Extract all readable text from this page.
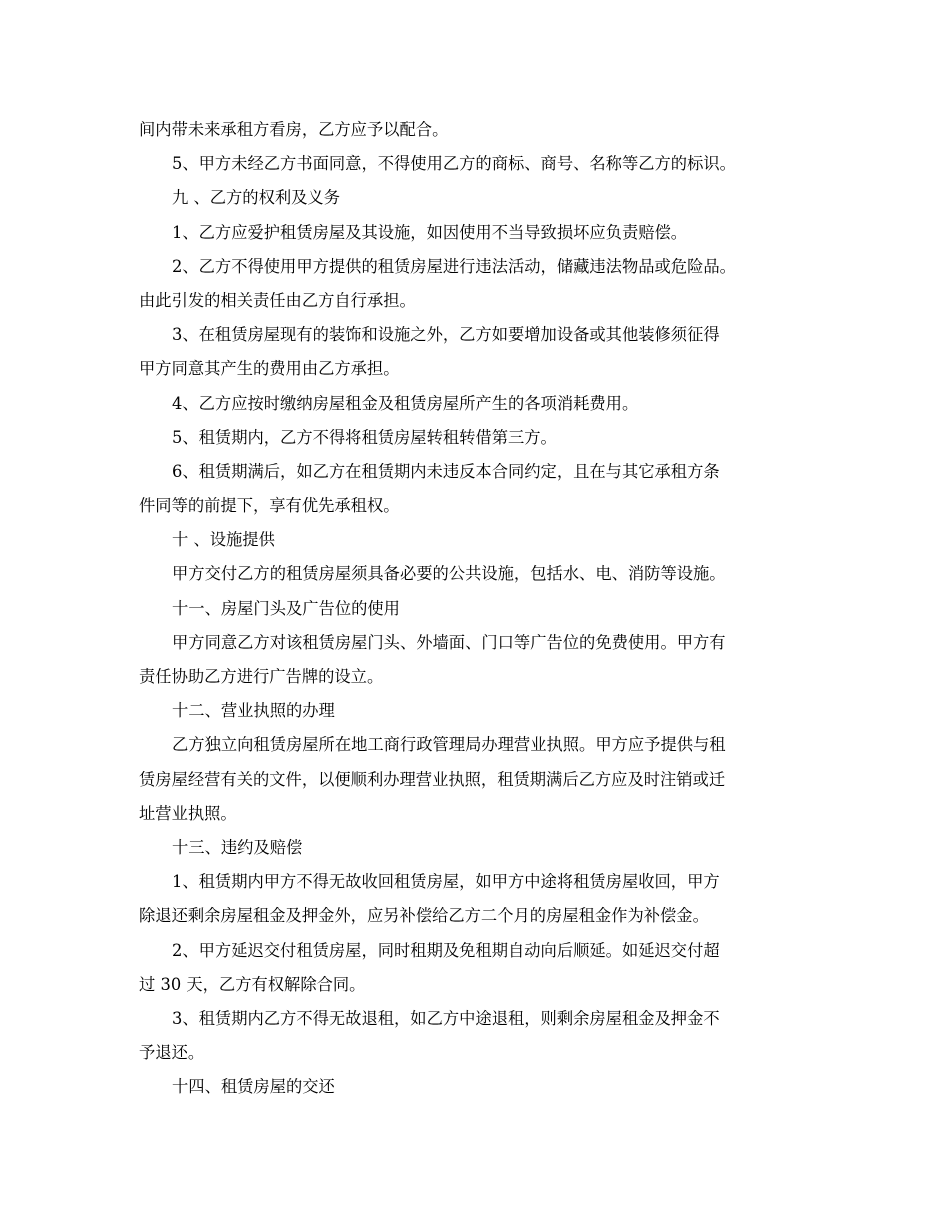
间内带未来承租方看房，乙方应予以配合。
5、甲方未经乙方书面同意，不得使用乙方的商标、商号、名称等乙方的标识。
九 、乙方的权利及义务
1、乙方应爱护租赁房屋及其设施，如因使用不当导致损坏应负责赔偿。
2、乙方不得使用甲方提供的租赁房屋进行违法活动，储藏违法物品或危险品。
由此引发的相关责任由乙方自行承担。
3、在租赁房屋现有的装饰和设施之外，乙方如要增加设备或其他装修须征得
甲方同意其产生的费用由乙方承担。
4、乙方应按时缴纳房屋租金及租赁房屋所产生的各项消耗费用。
5、租赁期内，乙方不得将租赁房屋转租转借第三方。
6、租赁期满后，如乙方在租赁期内未违反本合同约定，且在与其它承租方条
件同等的前提下，享有优先承租权。
十 、设施提供
甲方交付乙方的租赁房屋须具备必要的公共设施，包括水、电、消防等设施。
十一、房屋门头及广告位的使用
甲方同意乙方对该租赁房屋门头、外墙面、门口等广告位的免费使用。甲方有
责任协助乙方进行广告牌的设立。
十二、营业执照的办理
乙方独立向租赁房屋所在地工商行政管理局办理营业执照。甲方应予提供与租
赁房屋经营有关的文件，以便顺利办理营业执照，租赁期满后乙方应及时注销或迁
址营业执照。
十三、违约及赔偿
1、租赁期内甲方不得无故收回租赁房屋，如甲方中途将租赁房屋收回，甲方
除退还剩余房屋租金及押金外，应另补偿给乙方二个月的房屋租金作为补偿金。
2、甲方延迟交付租赁房屋，同时租期及免租期自动向后顺延。如延迟交付超
过 30 天，乙方有权解除合同。
3、租赁期内乙方不得无故退租，如乙方中途退租，则剩余房屋租金及押金不
予退还。
十四、租赁房屋的交还
